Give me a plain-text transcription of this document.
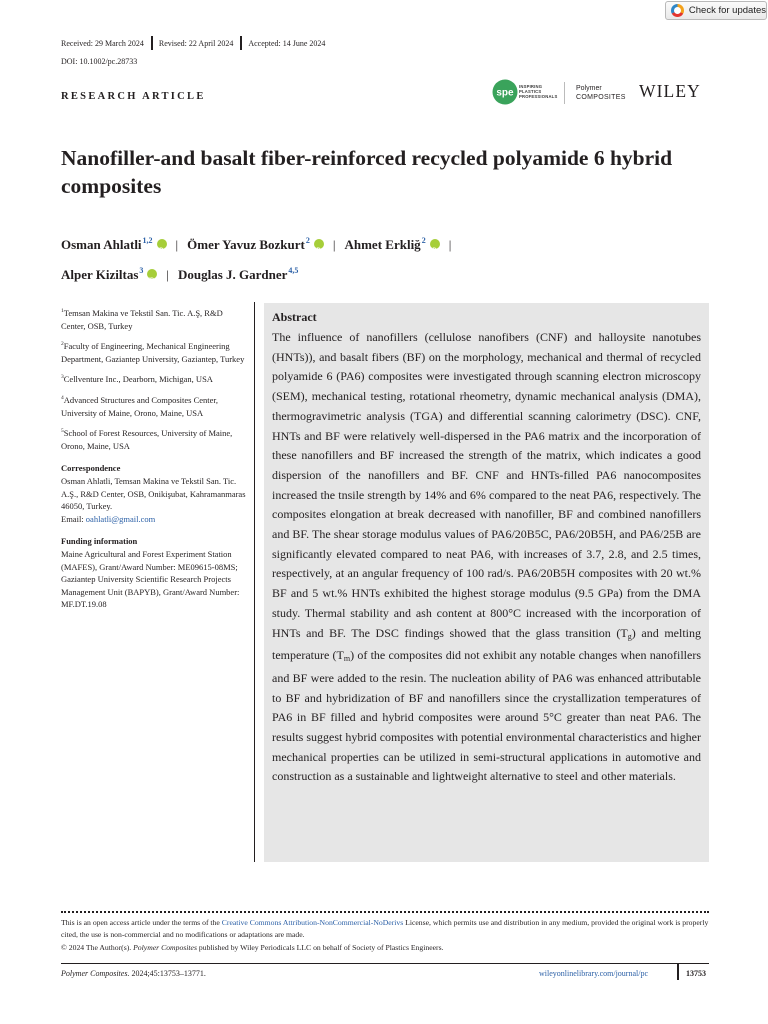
Check for updates
Received: 29 March 2024 Revised: 22 April 2024 Accepted: 14 June 2024
DOI: 10.1002/pc.28733
RESEARCH ARTICLE	spe
INSPIRING
PLASTICS
PROFESSIONALS
Polymer
COMPOSITES WILEY
Nanofiller-and basalt fiber-reinforced recycled polyamide 6 hybrid composites
Osman Ahlatli$^{1,2}$ iD | Ömer Yavuz Bozkurt$^2$ iD | Ahmet Erkliğ$^2$ iD |
Alper Kiziltas$^3$ iD | Douglas J. Gardner$^{4,5}$
$^1$Temsan Makina ve Tekstil San. Tic. A.Ş, R&D Center, OSB, Turkey
$^2$Faculty of Engineering, Mechanical Engineering Department, Gaziantep University, Gaziantep, Turkey
$^3$Cellventure Inc., Dearborn, Michigan, USA
$^4$Advanced Structures and Composites Center, University of Maine, Orono, Maine, USA
$^5$School of Forest Resources, University of Maine, Orono, Maine, USA
Correspondence
Osman Ahlatli, Temsan Makina ve Tekstil San. Tic. A.Ş., R&D Center, OSB, Onikişubat, Kahramanmaras 46050, Turkey.
Email: oahlatli@gmail.com
Funding information
Maine Agricultural and Forest Experiment Station (MAFES), Grant/Award Number: ME09615-08MS; Gaziantep University Scientific Research Projects Management Unit (BAPYB), Grant/Award Number: MF.DT.19.08
Abstract

The influence of nanofillers (cellulose nanofibers (CNF) and halloysite nanotubes (HNTs)), and basalt fibers (BF) on the morphology, mechanical and thermal of recycled polyamide 6 (PA6) composites were investigated through scanning electron microscopy (SEM), mechanical testing, rotational rheometry, dynamic mechanical analysis (DMA), thermogravimetric analysis (TGA) and differential scanning calorimetry (DSC). CNF, HNTs and BF were relatively well-dispersed in the PA6 matrix and the incorporation of these nanofillers and BF increased the strength of the matrix, which indicates a good dispersion of the nanofillers and BF. CNF and HNTs-filled PA6 nanocomposites increased the tnsile strength by 14% and 6% compared to the neat PA6, respectively. The composites elongation at break decreased with nanofiller, BF and combined nanofillers and BF. The shear storage modulus values of PA6/20B5C, PA6/20B5H, and PA6/25B are significantly elevated compared to neat PA6, with increases of 3.7, 2.8, and 2.5 times, respectively, at an angular frequency of 100 rad/s. PA6/20B5H composites with 20 wt.% BF and 5 wt.% HNTs exhibited the highest storage modulus (9.5 GPa) from the DMA study. Thermal stability and ash content at 800°C increased with the incorporation of HNTs and BF. The DSC findings showed that the glass transition $(T_g)$ and melting temperature $(T_m)$ of the composites did not exhibit any notable changes when nanofillers and BF were added to the resin. The nucleation ability of PA6 was enhanced attributable to BF and hybridization of BF and nanofillers since the crystallization temperatures of PA6 in BF filled and hybrid composites were around 5°C greater than neat PA6. The results suggest hybrid composites with potential environmental characteristics and higher mechanical properties can be utilized in semi-structural applications in automotive and construction as a sustainable and lightweight alternative to steel and other materials.

This is an open access article under the terms of the Creative Commons Attribution-NonCommercial-NoDerivs License, which permits use and distribution in any medium, provided the original work is properly cited, the use is non-commercial and no modifications or adaptations are made.
© 2024 The Author(s). Polymer Composites published by Wiley Periodicals LLC on behalf of Society of Plastics Engineers.
Polymer Composites. 2024;45:13753–13771.	wileyonlinelibrary.com/journal/pc	13753
